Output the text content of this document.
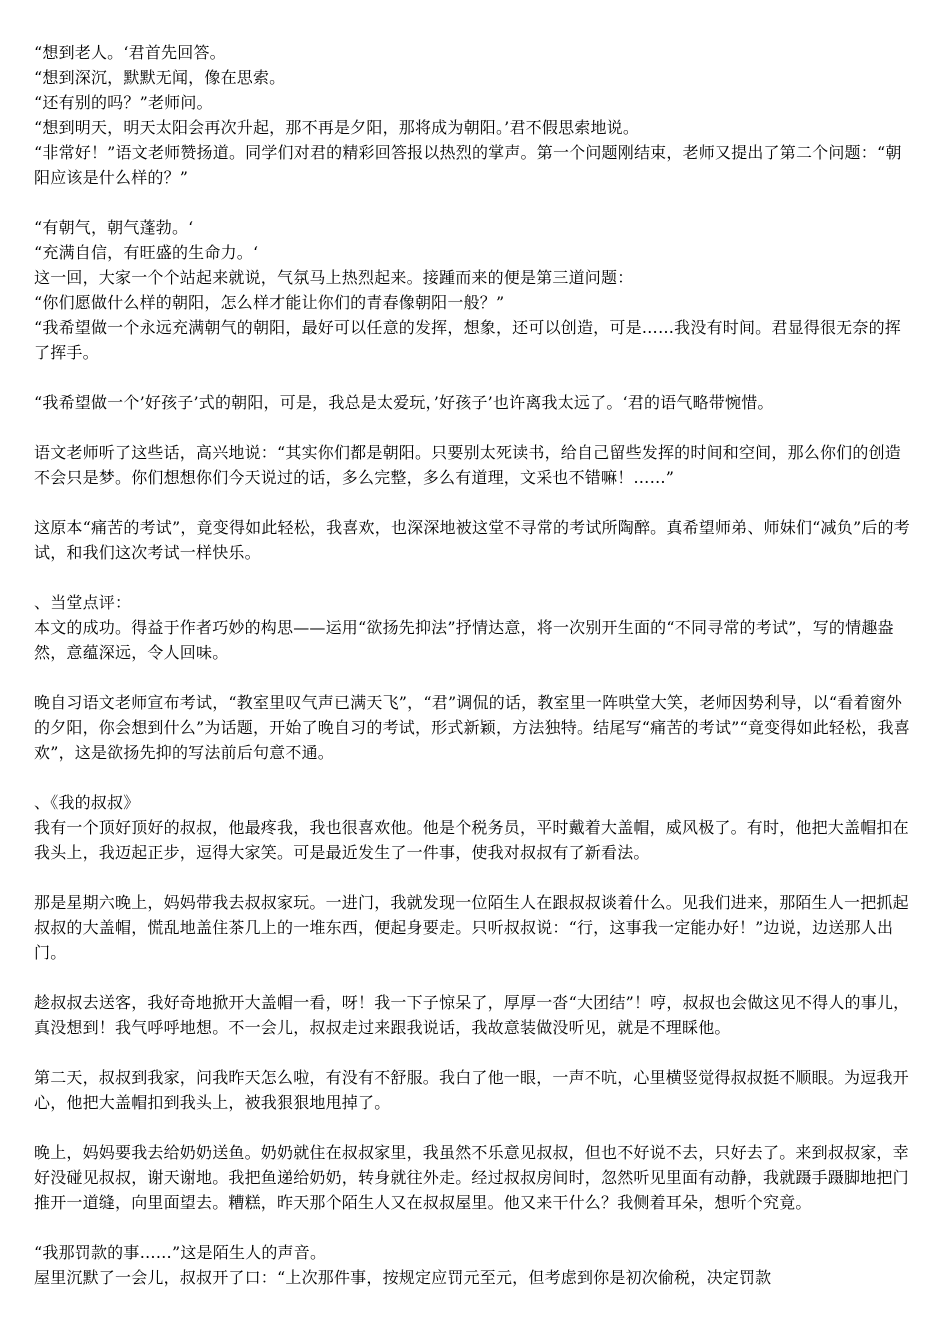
“想到老人。‘君首先回答。

“想到深沉，默默无闻，像在思索。

“还有别的吗？”老师问。

“想到明天，明天太阳会再次升起，那不再是夕阳，那将成为朝阳。’君不假思索地说。

“非常好！”语文老师赞扬道。同学们对君的精彩回答报以热烈的掌声。第一个问题刚结束，老师又提出了第二个问题：“朝阳应该是什么样的？”

“有朝气，朝气蓬勃。‘

“充满自信，有旺盛的生命力。‘

这一回，大家一个个站起来就说，气氛马上热烈起来。接踵而来的便是第三道问题：

“你们愿做什么样的朝阳，怎么样才能让你们的青春像朝阳一般？”

“我希望做一个永远充满朝气的朝阳，最好可以任意的发挥，想象，还可以创造，可是……我没有时间。君显得很无奈的挥了挥手。

“我希望做一个’好孩子’式的朝阳，可是，我总是太爱玩，’好孩子’也许离我太远了。‘君的语气略带惋惜。

语文老师听了这些话，高兴地说：“其实你们都是朝阳。只要别太死读书，给自己留些发挥的时间和空间，那么你们的创造不会只是梦。你们想想你们今天说过的话，多么完整，多么有道理，文采也不错嘛！……”

这原本“痛苦的考试”，竟变得如此轻松，我喜欢，也深深地被这堂不寻常的考试所陶醉。真希望师弟、师妹们“减负”后的考试，和我们这次考试一样快乐。

、当堂点评：

本文的成功。得益于作者巧妙的构思——运用“欲扬先抑法”抒情达意，将一次别开生面的“不同寻常的考试”，写的情趣盎然，意蕴深远，令人回味。

晚自习语文老师宣布考试，“教室里叹气声已满天飞”，“君”调侃的话，教室里一阵哄堂大笑，老师因势利导，以“看着窗外的夕阳，你会想到什么”为话题，开始了晚自习的考试，形式新颖，方法独特。结尾写“痛苦的考试”“竟变得如此轻松，我喜欢”，这是欲扬先抑的写法前后句意不通。

、《我的叔叔》

我有一个顶好顶好的叔叔，他最疼我，我也很喜欢他。他是个税务员，平时戴着大盖帽，威风极了。有时，他把大盖帽扣在我头上，我迈起正步，逗得大家笑。可是最近发生了一件事，使我对叔叔有了新看法。

那是星期六晚上，妈妈带我去叔叔家玩。一进门，我就发现一位陌生人在跟叔叔谈着什么。见我们进来，那陌生人一把抓起叔叔的大盖帽，慌乱地盖住茶几上的一堆东西，便起身要走。只听叔叔说：“行，这事我一定能办好！”边说，边送那人出门。

趁叔叔去送客，我好奇地掀开大盖帽一看，呀！我一下子惊呆了，厚厚一沓“大团结”！哼，叔叔也会做这见不得人的事儿，真没想到！我气呼呼地想。不一会儿，叔叔走过来跟我说话，我故意装做没听见，就是不理睬他。

第二天，叔叔到我家，问我昨天怎么啦，有没有不舒服。我白了他一眼，一声不吭，心里横竖觉得叔叔挺不顺眼。为逗我开心，他把大盖帽扣到我头上，被我狠狠地甩掉了。

晚上，妈妈要我去给奶奶送鱼。奶奶就住在叔叔家里，我虽然不乐意见叔叔，但也不好说不去，只好去了。来到叔叔家，幸好没碰见叔叔，谢天谢地。我把鱼递给奶奶，转身就往外走。经过叔叔房间时，忽然听见里面有动静，我就蹑手蹑脚地把门推开一道缝，向里面望去。糟糕，昨天那个陌生人又在叔叔屋里。他又来干什么？我侧着耳朵，想听个究竟。

“我那罚款的事……”这是陌生人的声音。

屋里沉默了一会儿，叔叔开了口：“上次那件事，按规定应罚元至元，但考虑到你是初次偷税，决定罚款
